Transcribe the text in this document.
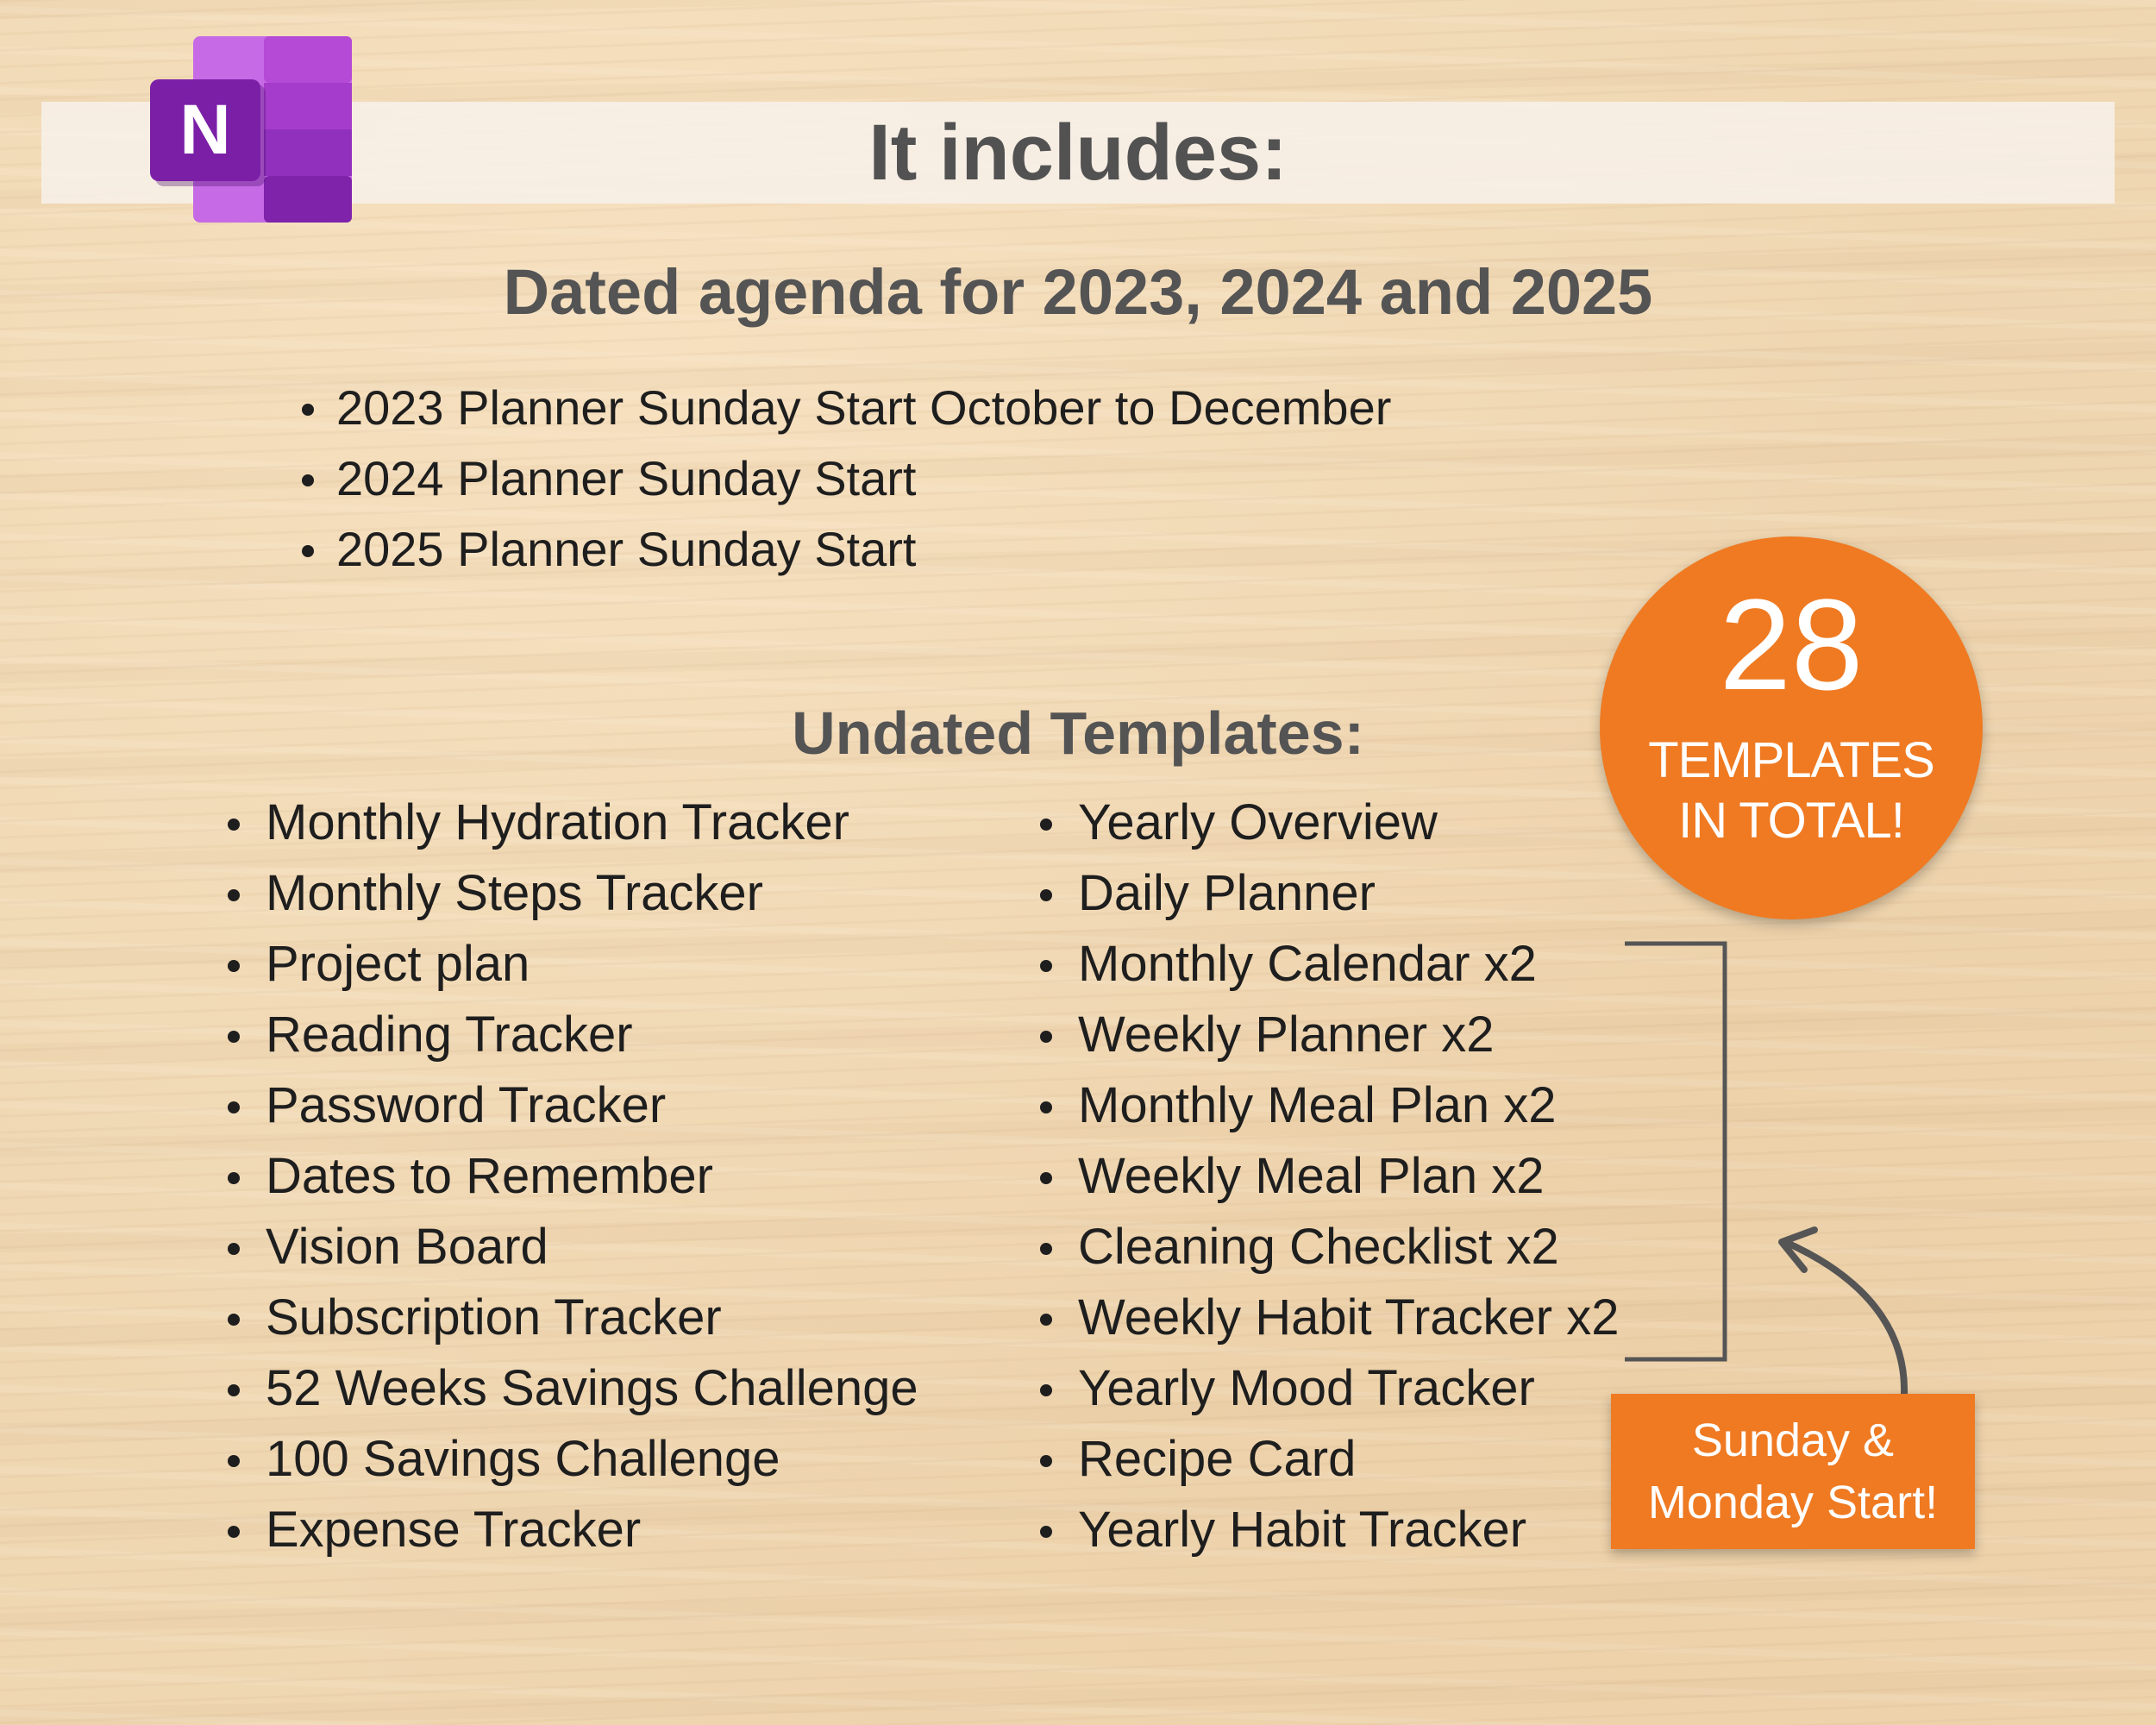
It includes:
N
Dated agenda for 2023, 2024 and 2025
2023 Planner Sunday Start October to December
2024 Planner Sunday Start
2025 Planner Sunday Start
Undated Templates:
Monthly Hydration Tracker
Monthly Steps Tracker
Project plan
Reading Tracker
Password Tracker
Dates to Remember
Vision Board
Subscription Tracker
52 Weeks Savings Challenge
100 Savings Challenge
Expense Tracker
Yearly Overview
Daily Planner
Monthly Calendar x2
Weekly Planner x2
Monthly Meal Plan x2
Weekly Meal Plan x2
Cleaning Checklist x2
Weekly Habit Tracker x2
Yearly Mood Tracker
Recipe Card
Yearly Habit Tracker
28
TEMPLATES
IN TOTAL!
Sunday &
Monday Start!
